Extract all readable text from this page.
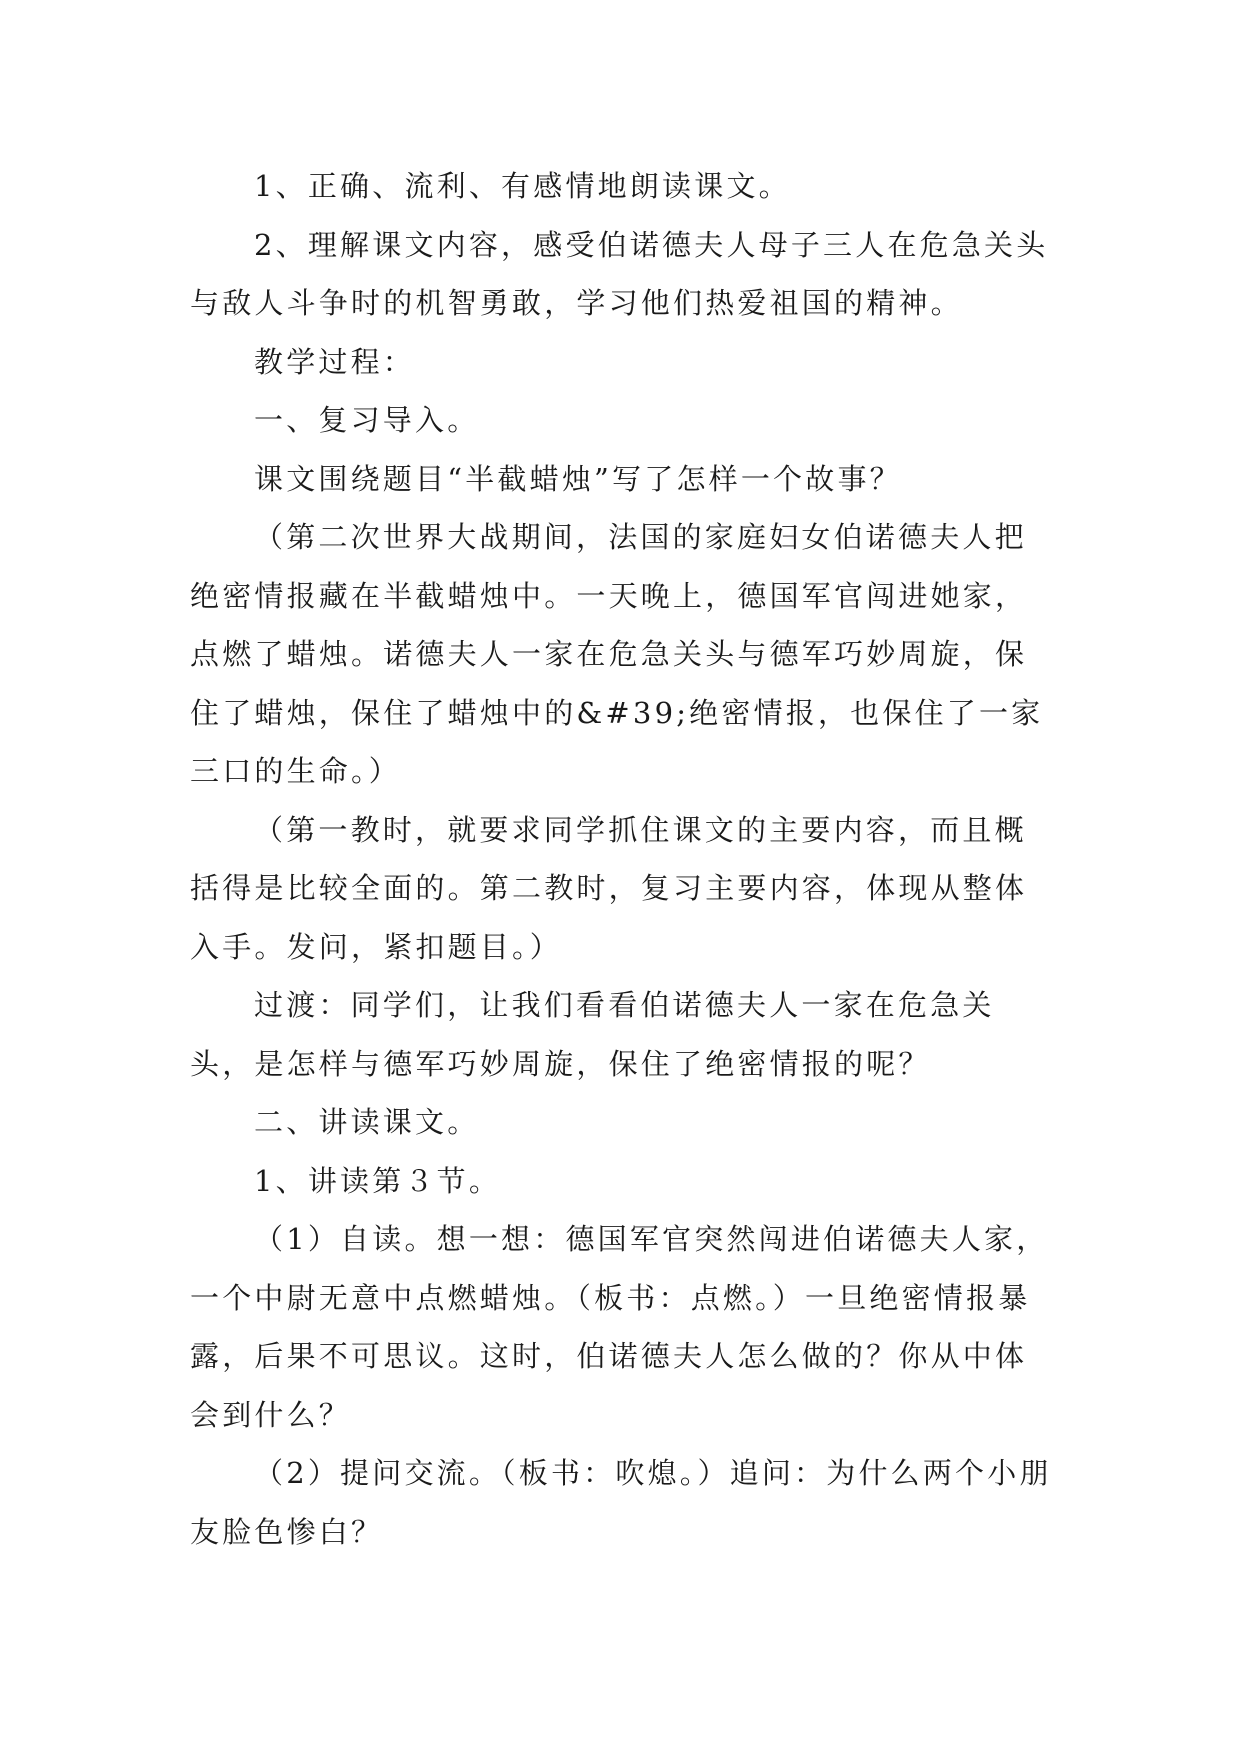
1、正确、流利、有感情地朗读课文。

2、理解课文内容，感受伯诺德夫人母子三人在危急关头与敌人斗争时的机智勇敢，学习他们热爱祖国的精神。

教学过程：

一、复习导入。

课文围绕题目“半截蜡烛”写了怎样一个故事？

（第二次世界大战期间，法国的家庭妇女伯诺德夫人把绝密情报藏在半截蜡烛中。一天晚上，德国军官闯进她家，点燃了蜡烛。诺德夫人一家在危急关头与德军巧妙周旋，保住了蜡烛，保住了蜡烛中的&#39;绝密情报，也保住了一家三口的生命。）

（第一教时，就要求同学抓住课文的主要内容，而且概括得是比较全面的。第二教时，复习主要内容，体现从整体入手。发问，紧扣题目。）

过渡：同学们，让我们看看伯诺德夫人一家在危急关头，是怎样与德军巧妙周旋，保住了绝密情报的呢？

二、讲读课文。

1、讲读第３节。

（1）自读。想一想：德国军官突然闯进伯诺德夫人家，一个中尉无意中点燃蜡烛。（板书：点燃。）一旦绝密情报暴露，后果不可思议。这时，伯诺德夫人怎么做的？你从中体会到什么？

（2）提问交流。（板书：吹熄。）追问：为什么两个小朋友脸色惨白？
